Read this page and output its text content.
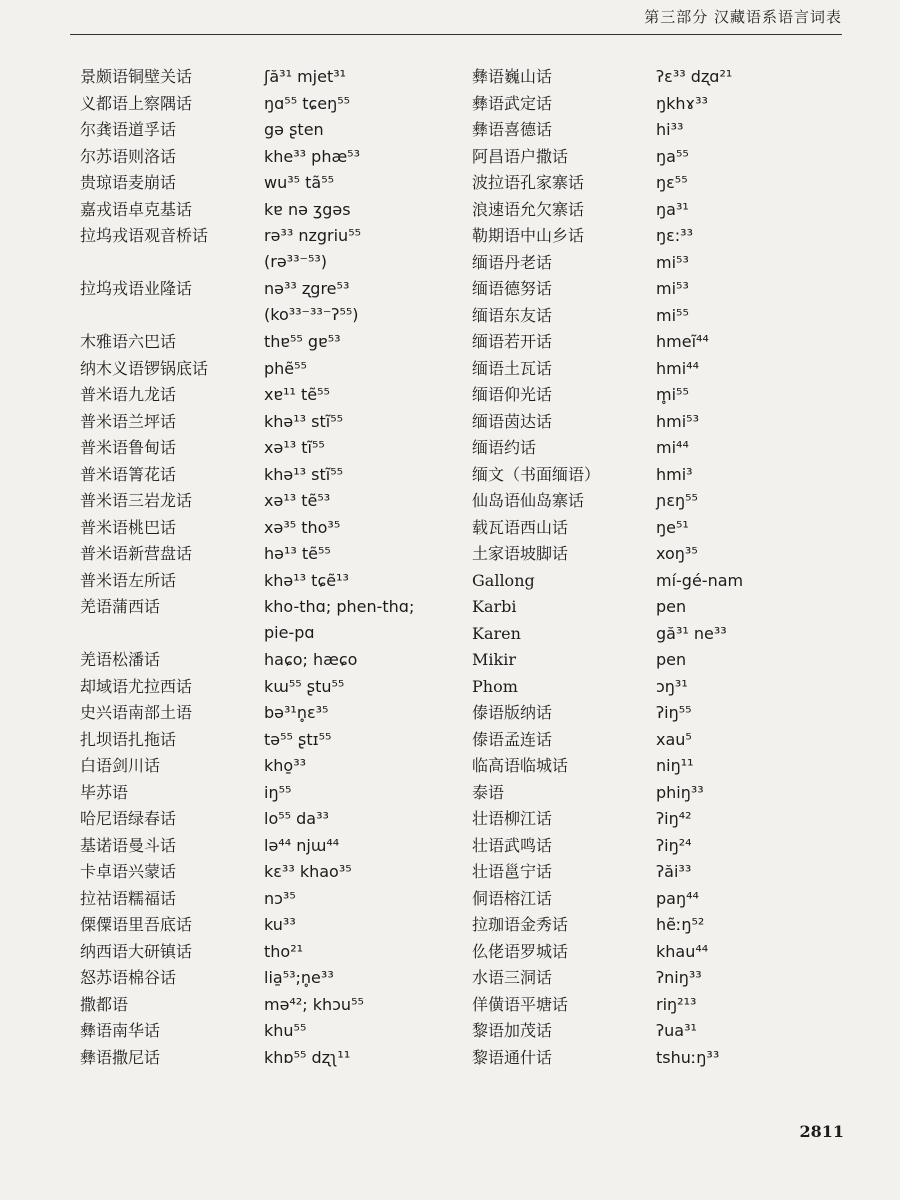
第三部分 汉藏语系语言词表
景颇语铜壁关话	ʃă³¹ mjet³¹
义都语上察隅话	ŋɑ⁵⁵ tɕeŋ⁵⁵
尔龚语道孚话	gə ʂten
尔苏语则洛话	khe³³ phæ⁵³
贵琼语麦崩话	wu³⁵ tã⁵⁵
嘉戎语卓克基话	kɐ nə ʒgəs
拉坞戎语观音桥话	rə³³ nzgriu⁵⁵
(rə³³⁻⁵³)
拉坞戎语业隆话	nə³³ ʐgre⁵³
(ko³³⁻³³⁻ʔ⁵⁵)
木雅语六巴话	thɐ⁵⁵ gɐ⁵³
纳木义语锣锅底话	phẽ⁵⁵
普米语九龙话	xɐ¹¹ tẽ⁵⁵
普米语兰坪话	khə¹³ stĩ⁵⁵
普米语鲁甸话	xə¹³ tĩ⁵⁵
普米语箐花话	khə¹³ stĩ⁵⁵
普米语三岩龙话	xə¹³ tẽ⁵³
普米语桃巴话	xə³⁵ tho³⁵
普米语新营盘话	hə¹³ tẽ⁵⁵
普米语左所话	khə¹³ tɕẽ¹³
羌语蒲西话	kho-thɑ; phen-thɑ;
pie-pɑ
羌语松潘话	haɕo; hæɕo
却域语尤拉西话	kɯ⁵⁵ ʂtu⁵⁵
史兴语南部土语	bə³¹n̥ɛ³⁵
扎坝语扎拖话	tə⁵⁵ ʂtɪ⁵⁵
白语剑川话	kho̱³³
毕苏语	iŋ⁵⁵
哈尼语绿春话	lo⁵⁵ da³³
基诺语曼斗话	lə⁴⁴ njɯ⁴⁴
卡卓语兴蒙话	kɛ³³ khao³⁵
拉祜语糯福话	nɔ³⁵
傈僳语里吾底话	ku³³
纳西语大研镇话	tho²¹
怒苏语棉谷话	lia̱⁵³;n̥e³³
撒都语	mə⁴²; khɔu⁵⁵
彝语南华话	khu⁵⁵
彝语撒尼话	khɒ⁵⁵ dʐʅ¹¹
彝语巍山话	ʔɛ³³ dʐɑ²¹
彝语武定话	ŋkhɤ³³
彝语喜德话	hi³³
阿昌语户撒话	ŋa⁵⁵
波拉语孔家寨话	ŋɛ⁵⁵
浪速语允欠寨话	ŋa³¹
勒期语中山乡话	ŋɛ:³³
缅语丹老话	mi⁵³
缅语德努话	mi⁵³
缅语东友话	mi⁵⁵
缅语若开话	hmeĩ⁴⁴
缅语土瓦话	hmi⁴⁴
缅语仰光话	m̥i⁵⁵
缅语茵达话	hmi⁵³
缅语约话	mi⁴⁴
缅文（书面缅语）	hmi³
仙岛语仙岛寨话	ɲɛŋ⁵⁵
载瓦语西山话	ŋe⁵¹
土家语坡脚话	xoŋ³⁵
Gallong	mí-gé-nam
Karbi	pen
Karen	gă³¹ ne³³
Mikir	pen
Phom	ɔŋ³¹
傣语版纳话	ʔiŋ⁵⁵
傣语孟连话	xau⁵
临高语临城话	niŋ¹¹
泰语	phiŋ³³
壮语柳江话	ʔiŋ⁴²
壮语武鸣话	ʔiŋ²⁴
壮语邕宁话	ʔăi³³
侗语榕江话	paŋ⁴⁴
拉珈语金秀话	hẽːŋ⁵²
仫佬语罗城话	khau⁴⁴
水语三洞话	ʔniŋ³³
佯僙语平塘话	riŋ²¹³
黎语加茂话	ʔua³¹
黎语通什话	tshuːŋ³³
2811
